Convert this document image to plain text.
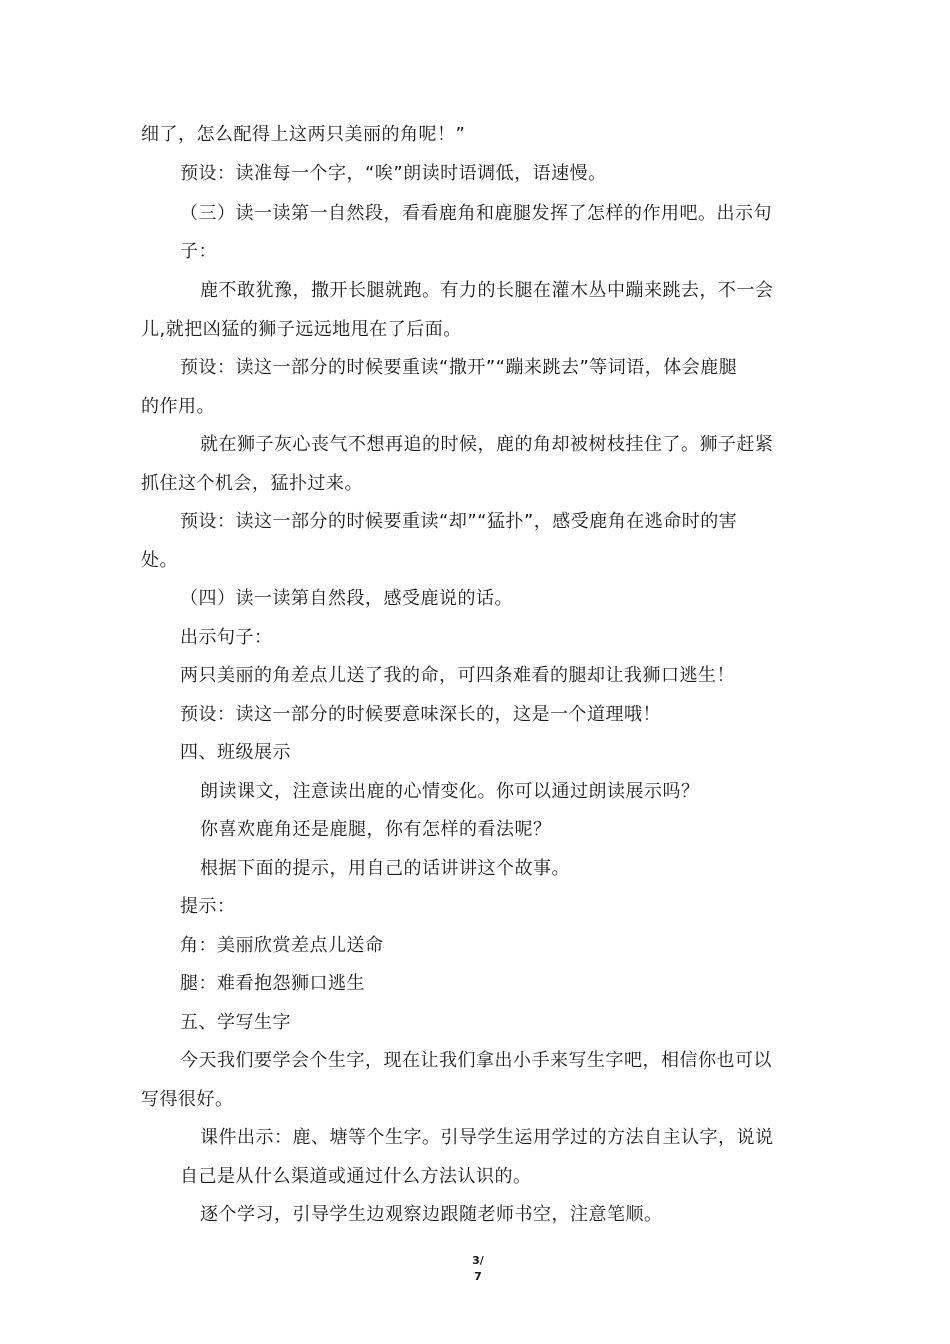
细了，怎么配得上这两只美丽的角呢！”
预设：读准每一个字，“唉”朗读时语调低，语速慢。
（三）读一读第一自然段，看看鹿角和鹿腿发挥了怎样的作用吧。出示句
子：
鹿不敢犹豫，撒开长腿就跑。有力的长腿在灌木丛中蹦来跳去，不一会
儿,就把凶猛的狮子远远地甩在了后面。
预设：读这一部分的时候要重读“撒开”“蹦来跳去”等词语，体会鹿腿
的作用。
就在狮子灰心丧气不想再追的时候，鹿的角却被树枝挂住了。狮子赶紧
抓住这个机会，猛扑过来。
预设：读这一部分的时候要重读“却”“猛扑”，感受鹿角在逃命时的害
处。
（四）读一读第自然段，感受鹿说的话。
出示句子：
两只美丽的角差点儿送了我的命，可四条难看的腿却让我狮口逃生！
预设：读这一部分的时候要意味深长的，这是一个道理哦！
四、班级展示
朗读课文，注意读出鹿的心情变化。你可以通过朗读展示吗？
你喜欢鹿角还是鹿腿，你有怎样的看法呢？
根据下面的提示，用自己的话讲讲这个故事。
提示：
角：美丽欣赏差点儿送命
腿：难看抱怨狮口逃生
五、学写生字
今天我们要学会个生字，现在让我们拿出小手来写生字吧，相信你也可以
写得很好。
课件出示：鹿、塘等个生字。引导学生运用学过的方法自主认字，说说
自己是从什么渠道或通过什么方法认识的。
逐个学习，引导学生边观察边跟随老师书空，注意笔顺。
3/
7
